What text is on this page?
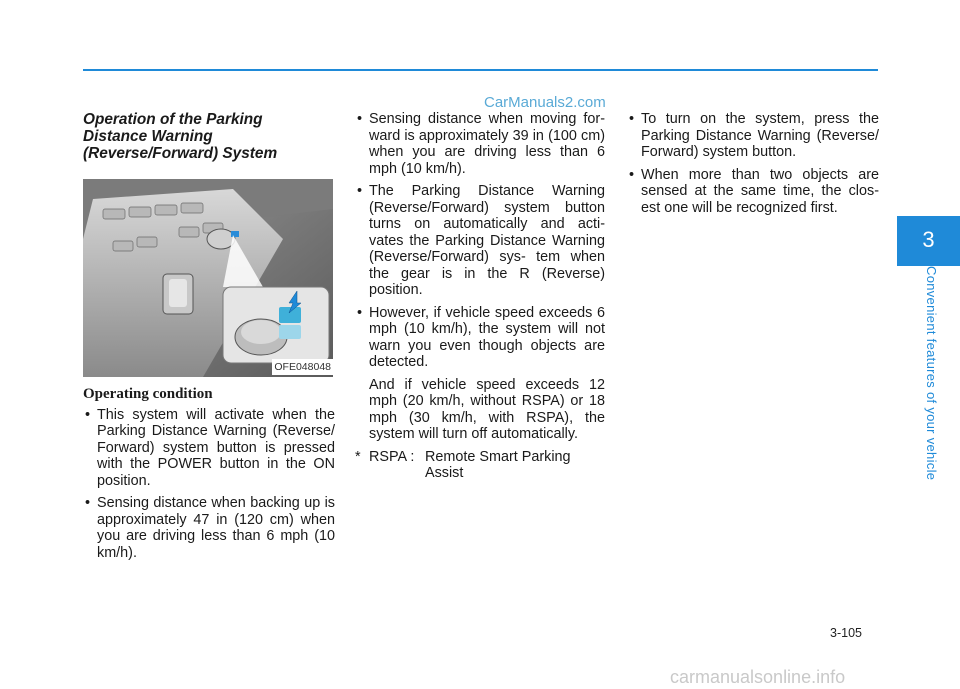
CarManuals2.com
Operation of the Parking
Distance Warning
(Reverse/Forward) System
OFE048048
Operating condition
• This system will activate when the Parking Distance Warning (Reverse/ Forward) system button is pressed with the POWER button in the ON position.
• Sensing distance when backing up is approximately 47 in (120 cm) when you are driving less than 6 mph (10 km/h).
• Sensing distance when moving for- ward is approximately 39 in (100 cm) when you are driving less than 6 mph (10 km/h).
• The Parking Distance Warning (Reverse/Forward) system button turns on automatically and acti- vates the Parking Distance Warning (Reverse/Forward) sys- tem when the gear is in the R (Reverse) position.
• However, if vehicle speed exceeds 6 mph (10 km/h), the system will not warn you even though objects are detected.
And if vehicle speed exceeds 12 mph (20 km/h, without RSPA) or 18 mph (30 km/h, with RSPA), the system will turn off automatically.
* RSPA : Remote Smart Parking
Assist
• To turn on the system, press the Parking Distance Warning (Reverse/ Forward) system button.
• When more than two objects are sensed at the same time, the clos- est one will be recognized first.
3
Convenient features of your vehicle
3-105
carmanualsonline.info
